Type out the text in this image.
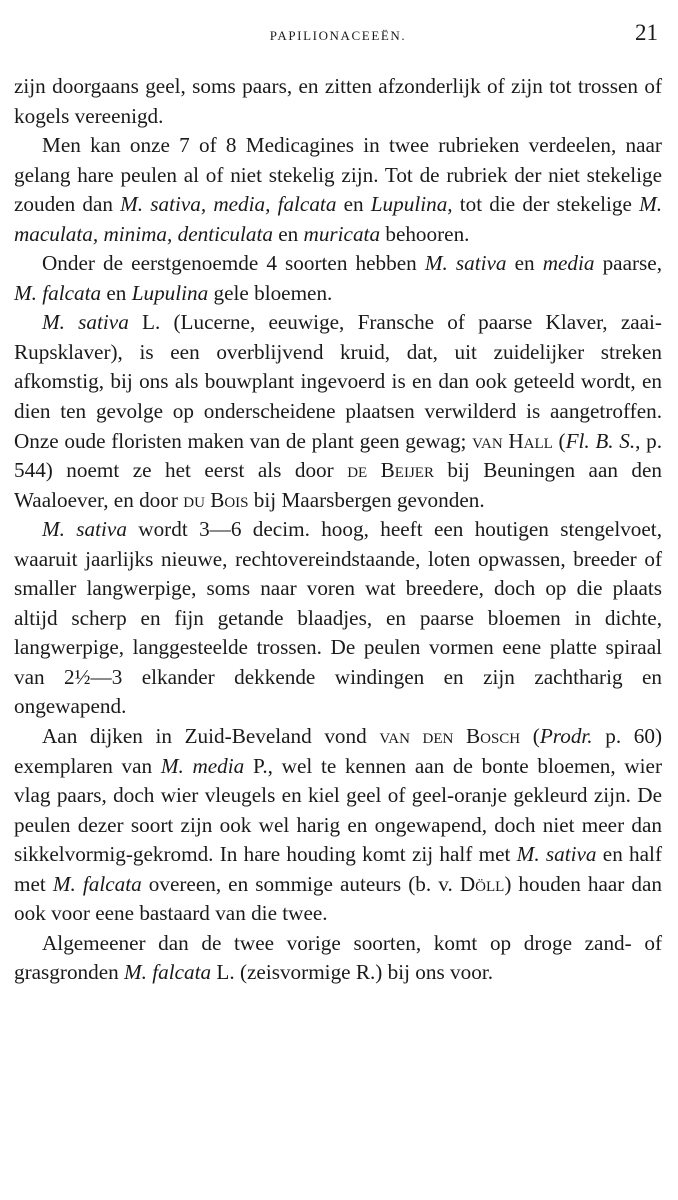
PAPILIONACEEËN.	21

zijn doorgaans geel, soms paars, en zitten afzonderlijk of zijn tot trossen of kogels vereenigd.

Men kan onze 7 of 8 Medicagines in twee rubrieken verdeelen, naar gelang hare peulen al of niet stekelig zijn. Tot de rubriek der niet stekelige zouden dan M. sativa, media, falcata en Lupulina, tot die der stekelige M. maculata, minima, denticulata en muricata behooren.

Onder de eerstgenoemde 4 soorten hebben M. sativa en media paarse, M. falcata en Lupulina gele bloemen.

M. sativa L. (Lucerne, eeuwige, Fransche of paarse Klaver, zaai-Rupsklaver), is een overblijvend kruid, dat, uit zuidelijker streken afkomstig, bij ons als bouwplant ingevoerd is en dan ook geteeld wordt, en dien ten gevolge op onderscheidene plaatsen verwilderd is aangetroffen. Onze oude floristen maken van de plant geen gewag; van Hall (Fl. B. S., p. 544) noemt ze het eerst als door de Beijer bij Beuningen aan den Waaloever, en door du Bois bij Maarsbergen gevonden.

M. sativa wordt 3—6 decim. hoog, heeft een houtigen stengelvoet, waaruit jaarlijks nieuwe, rechtovereindstaande, loten opwassen, breeder of smaller langwerpige, soms naar voren wat breedere, doch op die plaats altijd scherp en fijn getande blaadjes, en paarse bloemen in dichte, langwerpige, langgesteelde trossen. De peulen vormen eene platte spiraal van 2½—3 elkander dekkende windingen en zijn zachtharig en ongewapend.

Aan dijken in Zuid-Beveland vond van den Bosch (Prodr. p. 60) exemplaren van M. media P., wel te kennen aan de bonte bloemen, wier vlag paars, doch wier vleugels en kiel geel of geel-oranje gekleurd zijn. De peulen dezer soort zijn ook wel harig en ongewapend, doch niet meer dan sikkelvormig-gekromd. In hare houding komt zij half met M. sativa en half met M. falcata overeen, en sommige auteurs (b. v. Döll) houden haar dan ook voor eene bastaard van die twee.

Algemeener dan de twee vorige soorten, komt op droge zand- of grasgronden M. falcata L. (zeisvormige R.) bij ons voor.
